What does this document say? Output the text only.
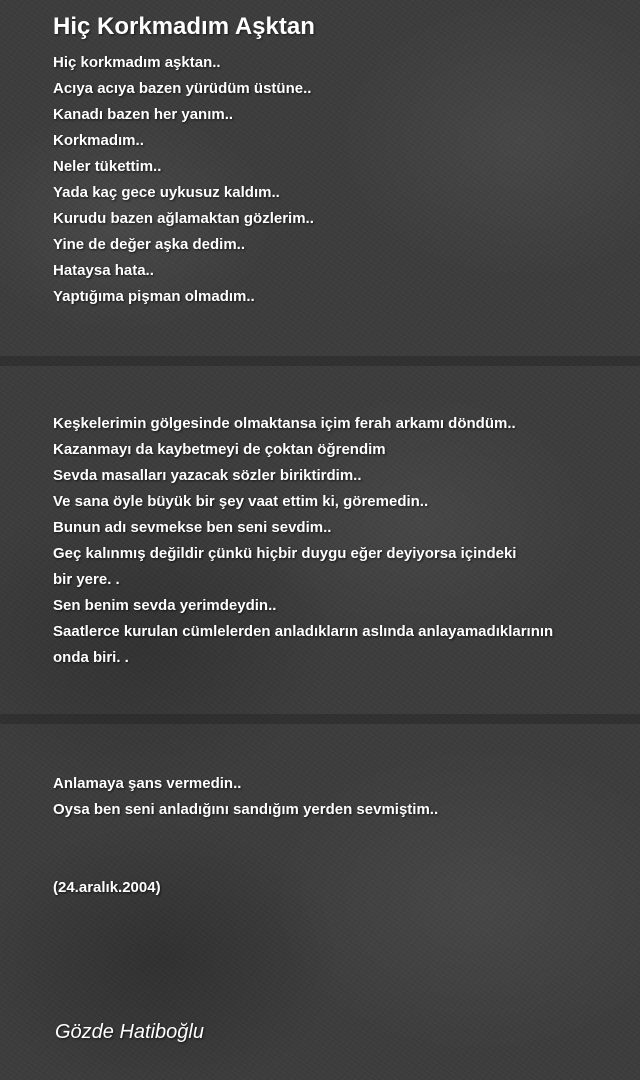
Hiç Korkmadım Aşktan
Hiç korkmadım aşktan..
Acıya acıya bazen yürüdüm üstüne..
Kanadı bazen her yanım..
Korkmadım..
Neler tükettim..
Yada kaç gece uykusuz kaldım..
Kurudu bazen ağlamaktan gözlerim..
Yine de değer aşka dedim..
Hataysa hata..
Yaptığıma pişman olmadım..
Keşkelerimin gölgesinde olmaktansa içim ferah arkamı döndüm..
Kazanmayı da kaybetmeyi de çoktan öğrendim
Sevda masalları yazacak sözler biriktirdim..
Ve sana öyle büyük bir şey vaat ettim ki, göremedin..
Bunun adı sevmekse ben seni sevdim..
Geç kalınmış değildir çünkü hiçbir duygu eğer deyiyorsa içindeki
bir yere. .
Sen benim sevda yerimdeydin..
Saatlerce kurulan cümlelerden anladıkların aslında anlayamadıklarının
onda biri. .
Anlamaya şans vermedin..
Oysa ben seni anladığını sandığım yerden sevmiştim..

(24.aralık.2004)

Gözde Hatiboğlu
